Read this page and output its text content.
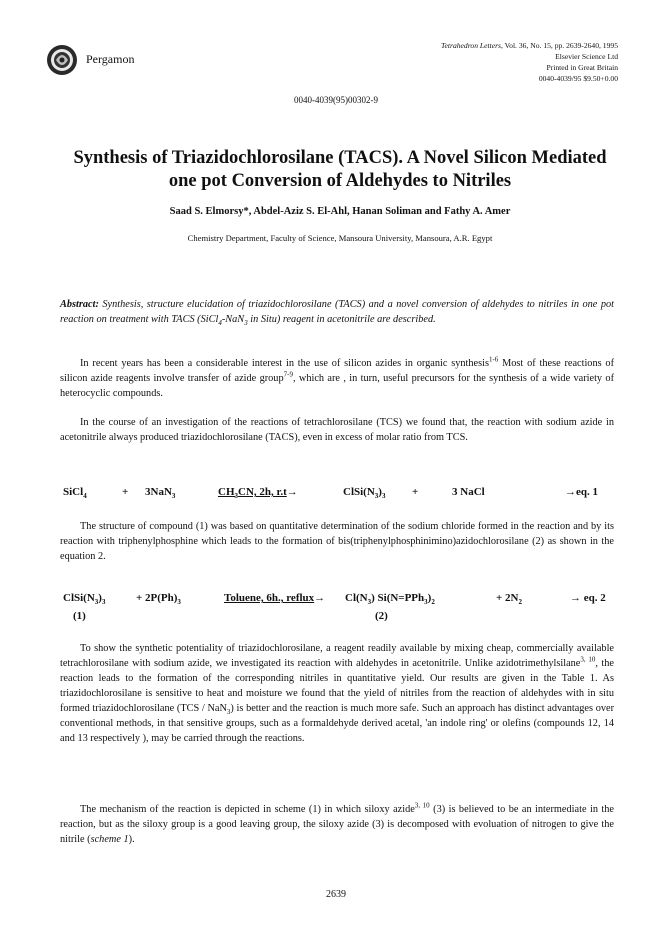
Pergamon
Tetrahedron Letters, Vol. 36, No. 15, pp. 2639-2640, 1995
Elsevier Science Ltd
Printed in Great Britain
0040-4039/95 $9.50+0.00
0040-4039(95)00302-9
Synthesis of Triazidochlorosilane (TACS). A Novel Silicon Mediated
one pot Conversion of Aldehydes to Nitriles
Saad S. Elmorsy*, Abdel-Aziz S. El-Ahl, Hanan Soliman and Fathy A. Amer
Chemistry Department, Faculty of Science, Mansoura University, Mansoura, A.R. Egypt
Abstract: Synthesis, structure elucidation of triazidochlorosilane (TACS) and a novel conversion of aldehydes to nitriles in one pot reaction on treatment with TACS (SiCl$_4$-NaN$_3$ in Situ) reagent in acetonitrile are described.

In recent years has been a considerable interest in the use of silicon azides in organic synthesis$^{1-6}$ Most of these reactions of silicon azide reagents involve transfer of azide group$^{7-9}$, which are , in turn, useful precursors for the synthesis of a wide variety of heterocyclic compounds.

In the course of an investigation of the reactions of tetrachlorosilane (TCS) we found that, the reaction with sodium azide in acetonitrile always produced triazidochlorosilane (TACS), even in excess of molar ratio from TCS.

SiCl$_4$	+ 3NaN$_3$	$CH_3CN$, 2h, r.t→	$ClSi(N_3)_3$ +	3 NaCl	→eq. 1

The structure of compound (1) was based on quantitative determination of the sodium chloride formed in the reaction and by its reaction with triphenylphosphine which leads to the formation of bis(triphenylphosphinimino)azidochlorosilane (2) as shown in the equation 2.

$ClSi(N_3)_3$	+ $2P(Ph)_3$	Toluene, 6h., reflux→ $Cl(N_3)$ $Si(N=PPh_3)_2$	+ $2N_2$	→ eq. 2
(1)	(2)

To show the synthetic potentiality of triazidochlorosilane, a reagent readily available by mixing cheap, commercially available tetrachlorosilane with sodium azide, we investigated its reaction with aldehydes in acetonitrile. Unlike azidotrimethylsilane$^{3, 10}$, the reaction leads to the formation of the corresponding nitriles in quantitative yield. Our results are given in the Table 1. As triazidochlorosilane is sensitive to heat and moisture we found that the yield of nitriles from the reaction of aldehydes with in situ formed triazidochlorosilane (TCS / NaN$_3$) is better and the reaction is much more safe. Such an approach has distinct advantages over conventional methods, in that sensitive groups, such as a formaldehyde derived acetal, 'an indole ring' or olefins (compounds 12, 14 and 13 respectively ), may be carried through the reactions.

The mechanism of the reaction is depicted in scheme (1) in which siloxy azide$^{3, 10}$ (3) is believed to be an intermediate in the reaction, but as the siloxy group is a good leaving group, the siloxy azide (3) is decomposed with evoluation of nitrogen to give the nitrile (scheme 1).

2639
